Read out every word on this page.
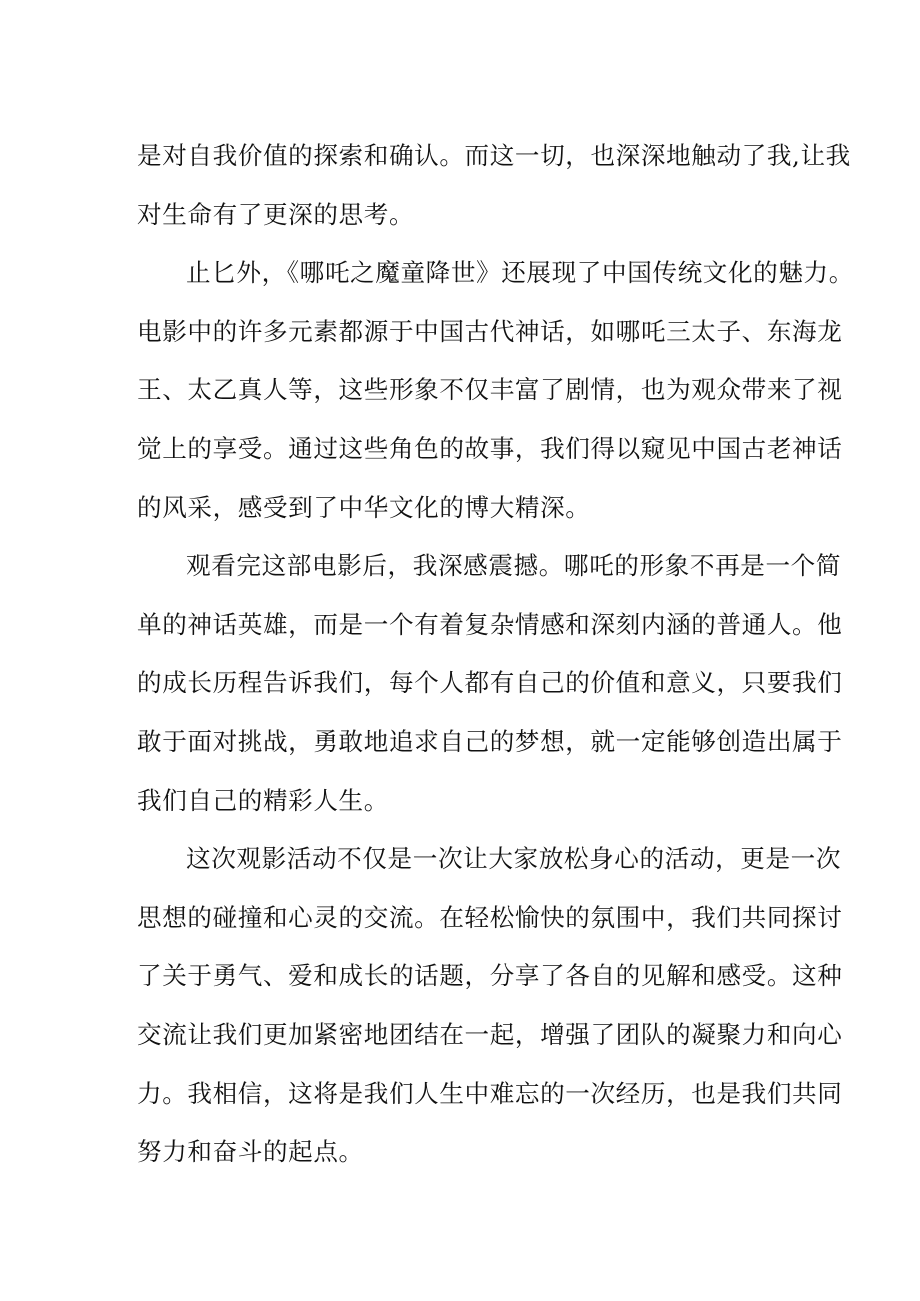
是对自我价值的探索和确认。而这一切，也深深地触动了我,让我
对生命有了更深的思考。

止匕外，《哪吒之魔童降世》还展现了中国传统文化的魅力。
电影中的许多元素都源于中国古代神话，如哪吒三太子、东海龙
王、太乙真人等，这些形象不仅丰富了剧情，也为观众带来了视
觉上的享受。通过这些角色的故事，我们得以窥见中国古老神话
的风采，感受到了中华文化的博大精深。

观看完这部电影后，我深感震撼。哪吒的形象不再是一个简
单的神话英雄，而是一个有着复杂情感和深刻内涵的普通人。他
的成长历程告诉我们，每个人都有自己的价值和意义，只要我们
敢于面对挑战，勇敢地追求自己的梦想，就一定能够创造出属于
我们自己的精彩人生。

这次观影活动不仅是一次让大家放松身心的活动，更是一次
思想的碰撞和心灵的交流。在轻松愉快的氛围中，我们共同探讨
了关于勇气、爱和成长的话题，分享了各自的见解和感受。这种
交流让我们更加紧密地团结在一起，增强了团队的凝聚力和向心
力。我相信，这将是我们人生中难忘的一次经历，也是我们共同
努力和奋斗的起点。
